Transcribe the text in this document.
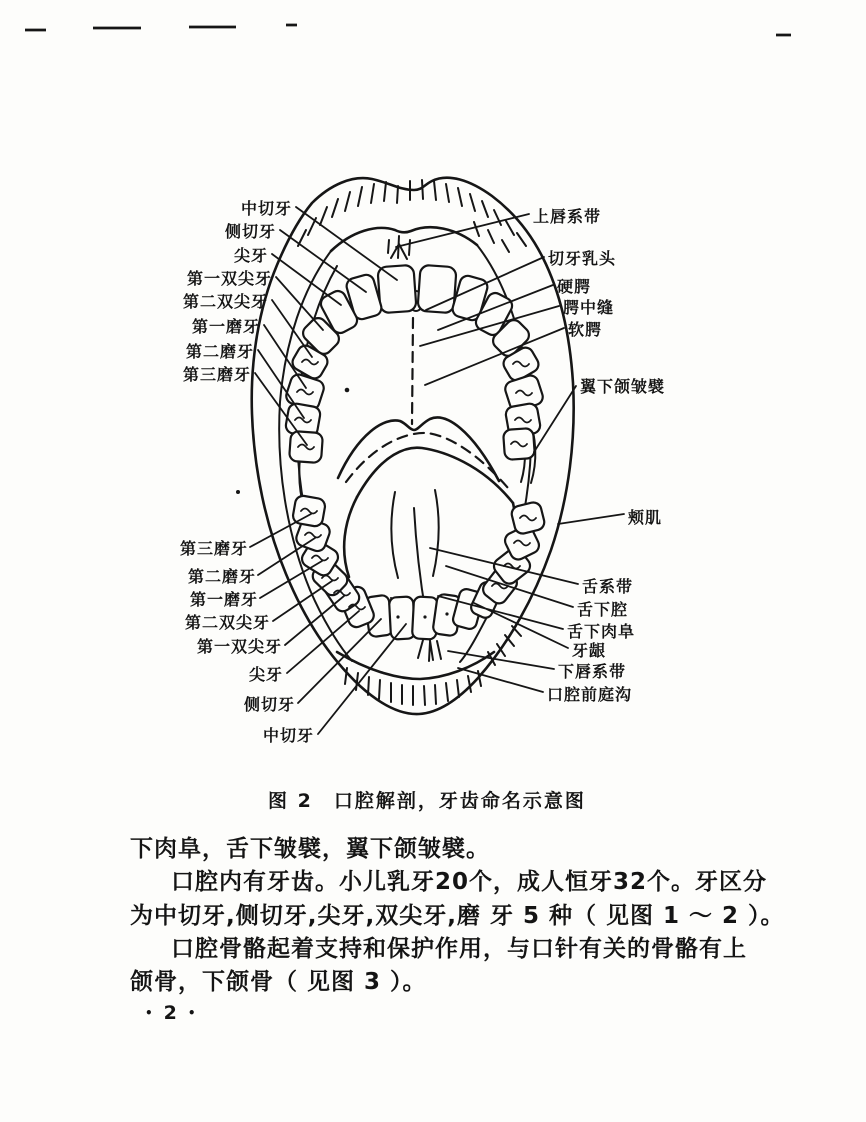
中切牙
侧切牙
尖牙
第一双尖牙
第二双尖牙
第一磨牙
第二磨牙
第三磨牙
上唇系带
切牙乳头
硬腭
腭中缝
软腭
翼下颌皱襞
颊肌
舌系带
舌下腔
舌下肉阜
牙龈
下唇系带
口腔前庭沟
第三磨牙
第二磨牙
第一磨牙
第二双尖牙
第一双尖牙
尖牙
侧切牙
中切牙
图 2　口腔解剖，牙齿命名示意图
下肉阜，舌下皱襞，翼下颌皱襞。
口腔内有牙齿。小儿乳牙20个，成人恒牙32个。牙区分
为中切牙,侧切牙,尖牙,双尖牙,磨 牙 5 种（ 见图 1 ～ 2 ）。
口腔骨骼起着支持和保护作用，与口针有关的骨骼有上
颌骨，下颌骨（ 见图 3 ）。
• 2 •
